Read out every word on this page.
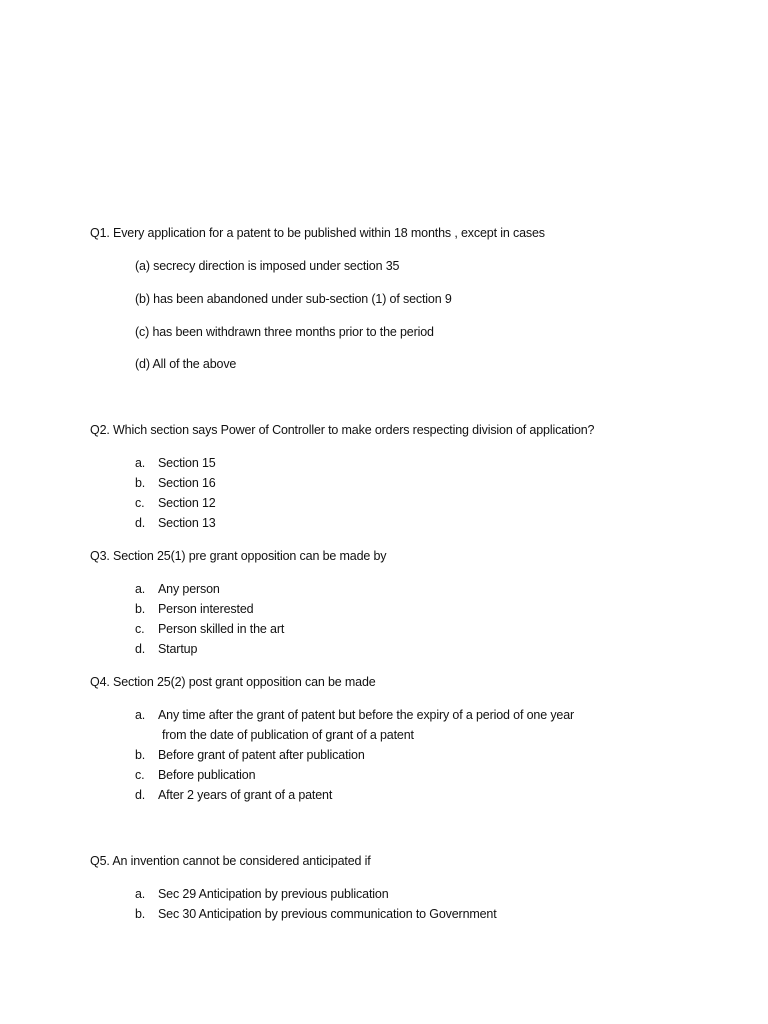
Q1. Every application for a patent to be published within 18 months , except in cases
(a) secrecy direction is imposed under section 35
(b) has been abandoned under sub-section (1) of section 9
(c) has been withdrawn three months prior to the period
(d) All of the above
Q2. Which section says Power of Controller to make orders respecting division of application?
a. Section 15
b. Section 16
c. Section 12
d. Section 13
Q3. Section 25(1) pre grant opposition can be made by
a. Any person
b. Person interested
c. Person skilled in the art
d. Startup
Q4. Section 25(2) post grant opposition can be made
a. Any time after the grant of patent but before the expiry of a period of one year
from the date of publication of grant of a patent
b. Before grant of patent after publication
c. Before publication
d. After 2 years of grant of a patent
Q5. An invention cannot be considered anticipated if
a. Sec 29 Anticipation by previous publication
b. Sec 30 Anticipation by previous communication to Government
